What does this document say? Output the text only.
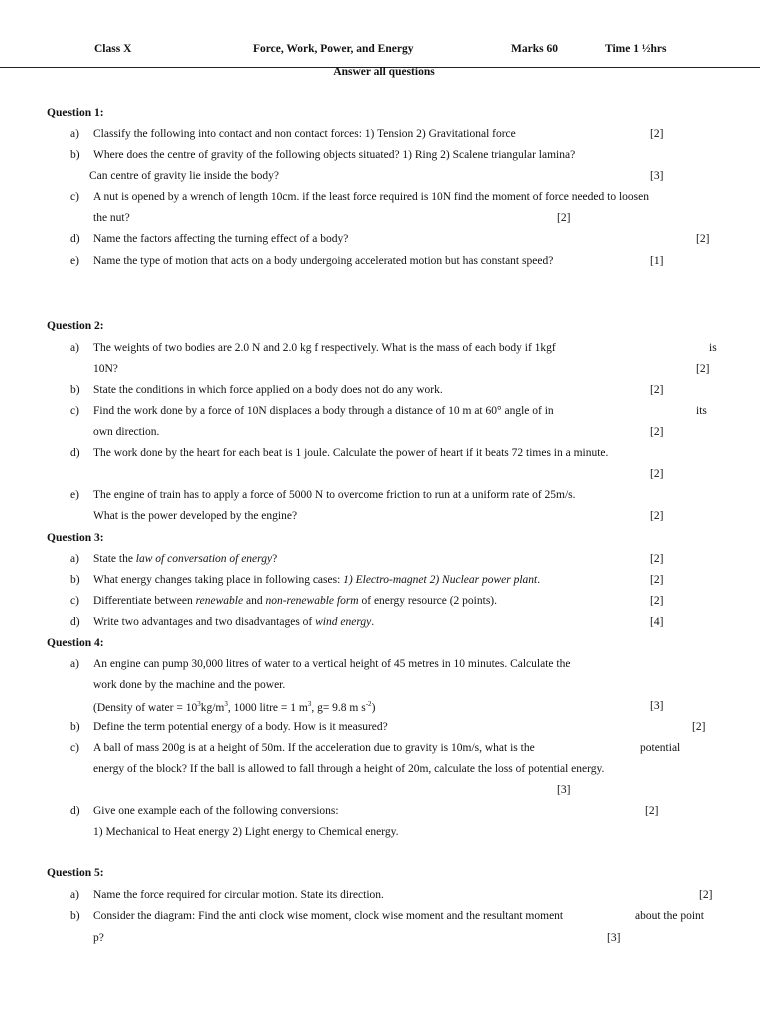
Class X	Force, Work, Power, and Energy	Marks 60	Time 1 ½hrs
Answer all questions
Question 1:
a) Classify the following into contact and non contact forces: 1) Tension 2) Gravitational force	[2]
b) Where does the centre of gravity of the following objects situated? 1) Ring 2) Scalene triangular lamina?
Can centre of gravity lie inside the body?	[3]
c) A nut is opened by a wrench of length 10cm. if the least force required is 10N find the moment of force needed to loosen
the nut?	[2]
d) Name the factors affecting the turning effect of a body?	[2]
e) Name the type of motion that acts on a body undergoing accelerated motion but has constant speed?	[1]
Question 2:
a) The weights of two bodies are 2.0 N and 2.0 kg f respectively. What is the mass of each body if 1kgf	is
10N?	[2]
b) State the conditions in which force applied on a body does not do any work.	[2]
c) Find the work done by a force of 10N displaces a body through a distance of 10 m at 60° angle of in	its
own direction.	[2]
d) The work done by the heart for each beat is 1 joule. Calculate the power of heart if it beats 72 times in a minute.
[2]
e) The engine of train has to apply a force of 5000 N to overcome friction to run at a uniform rate of 25m/s.
What is the power developed by the engine?	[2]
Question 3:
a) State the law of conversation of energy?	[2]
b) What energy changes taking place in following cases: 1) Electro-magnet 2) Nuclear power plant.	[2]
c) Differentiate between renewable and non-renewable form of energy resource (2 points).	[2]
d) Write two advantages and two disadvantages of wind energy.	[4]
Question 4:
a) An engine can pump 30,000 litres of water to a vertical height of 45 metres in 10 minutes. Calculate the
work done by the machine and the power.
(Density of water = $10^3kg/m^3$, 1000 litre = 1 $m^3$, g= 9.8 m $s^{-2}$)	[3]
b) Define the term potential energy of a body. How is it measured?	[2]
c) A ball of mass 200g is at a height of 50m. If the acceleration due to gravity is 10m/s, what is the	potential
energy of the block? If the ball is allowed to fall through a height of 20m, calculate the loss of potential energy.
[3]
d) Give one example each of the following conversions:	[2]
1) Mechanical to Heat energy 2) Light energy to Chemical energy.
Question 5:
a) Name the force required for circular motion. State its direction.	[2]
b) Consider the diagram: Find the anti clock wise moment, clock wise moment and the resultant moment	about the point
p?	[3]
